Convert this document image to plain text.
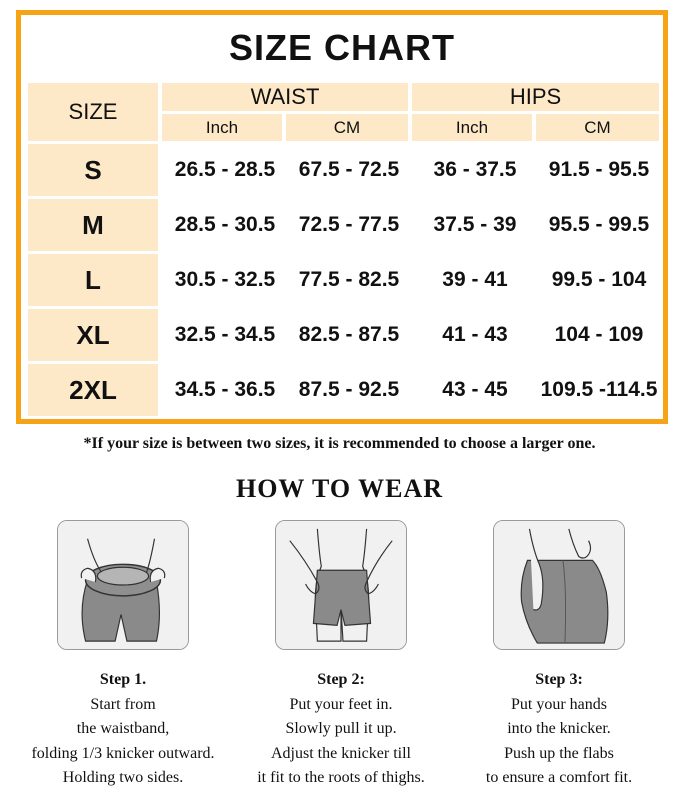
SIZE CHART
SIZE
WAIST	HIPS
Inch	CM	Inch	CM
S	26.5 - 28.5	67.5 - 72.5	36 - 37.5	91.5 - 95.5
M	28.5 - 30.5	72.5 - 77.5	37.5 - 39	95.5 - 99.5
L	30.5 - 32.5	77.5 - 82.5	39 - 41	99.5 - 104
XL	32.5 - 34.5	82.5 - 87.5	41 - 43	104 - 109
2XL	34.5 - 36.5	87.5 - 92.5	43 - 45	109.5 -114.5
*If your size is between two sizes, it is recommended to choose a larger one.
HOW TO WEAR
Step 1.
Start from
the waistband,
folding 1/3 knicker outward.
Holding two sides.
Step 2:
Put your feet in.
Slowly pull it up.
Adjust the knicker till
it fit to the roots of thighs.
Step 3:
Put your hands
into the knicker.
Push up the flabs
to ensure a comfort fit.
